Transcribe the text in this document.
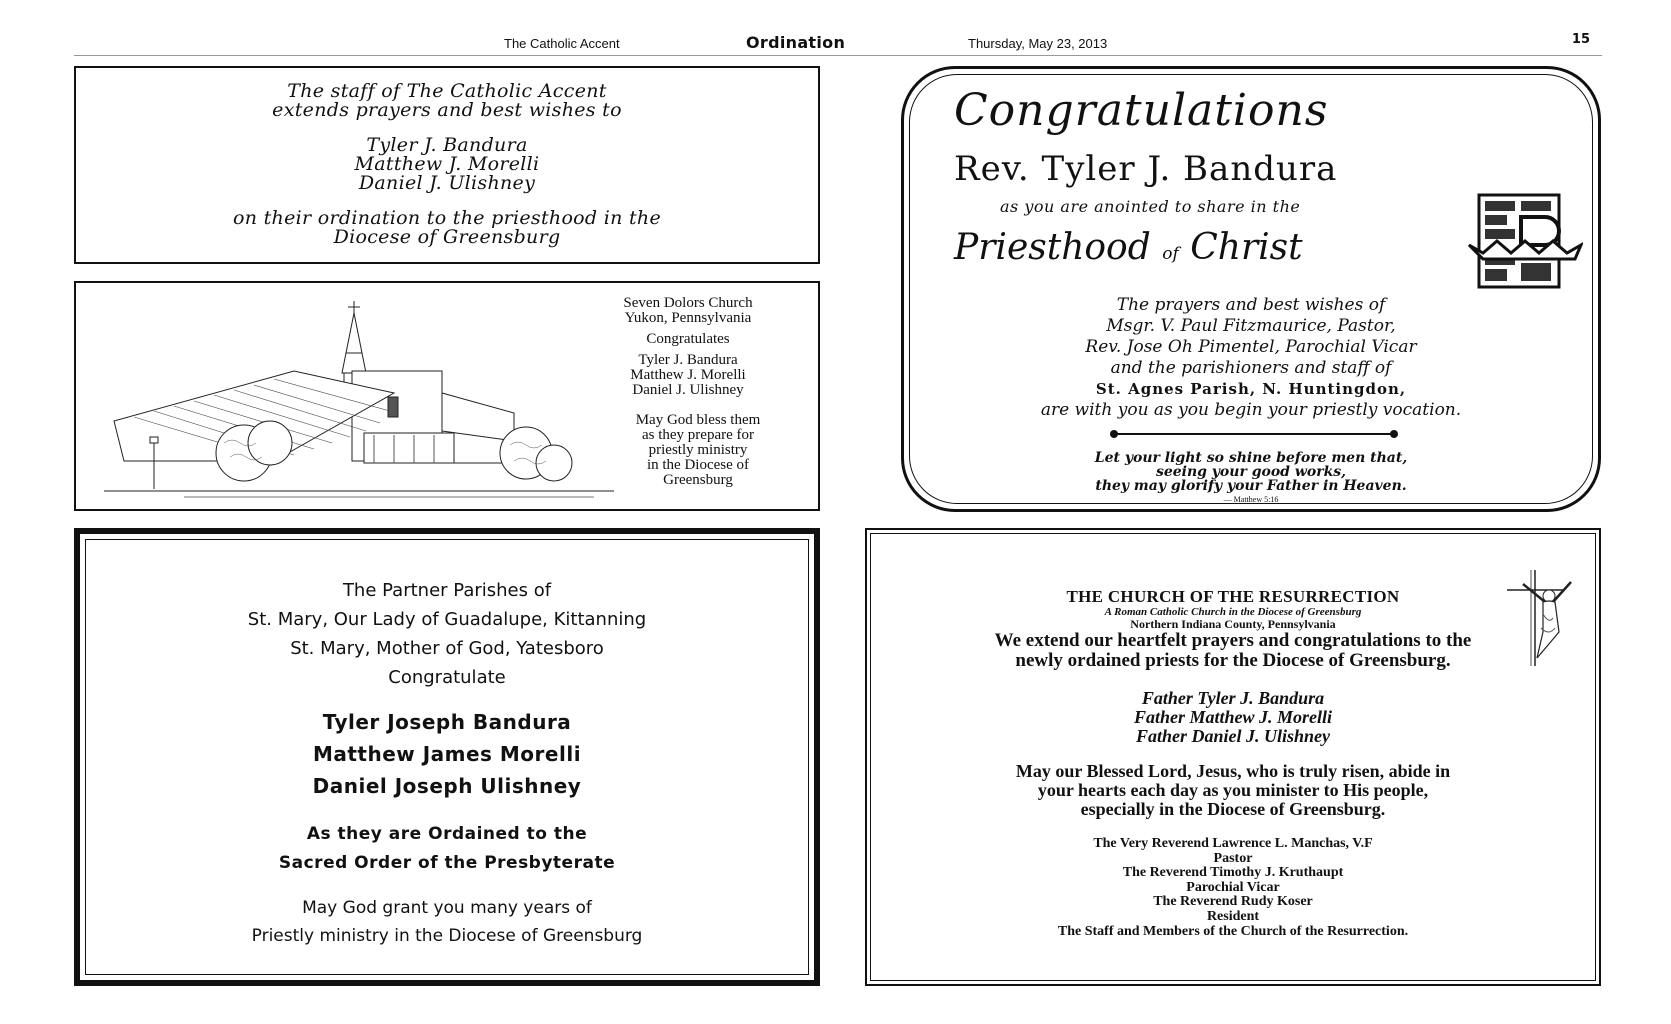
The Catholic Accent	Ordination	Thursday, May 23, 2013	15
The staff of The Catholic Accent
extends prayers and best wishes to
Tyler J. Bandura
Matthew J. Morelli
Daniel J. Ulishney
on their ordination to the priesthood in the
Diocese of Greensburg
Seven Dolors Church
Yukon, Pennsylvania
Congratulates
Tyler J. Bandura
Matthew J. Morelli
Daniel J. Ulishney
May God bless them
as they prepare for
priestly ministry
in the Diocese of
Greensburg
Congratulations
Rev. Tyler J. Bandura
as you are anointed to share in the
Priesthood of Christ
The prayers and best wishes of
Msgr. V. Paul Fitzmaurice, Pastor,
Rev. Jose Oh Pimentel, Parochial Vicar
and the parishioners and staff of
St. Agnes Parish, N. Huntingdon,
are with you as you begin your priestly vocation.
Let your light so shine before men that,
seeing your good works,
they may glorify your Father in Heaven.
— Matthew 5:16
The Partner Parishes of
St. Mary, Our Lady of Guadalupe, Kittanning
St. Mary, Mother of God, Yatesboro
Congratulate
Tyler Joseph Bandura
Matthew James Morelli
Daniel Joseph Ulishney
As they are Ordained to the
Sacred Order of the Presbyterate
May God grant you many years of
Priestly ministry in the Diocese of Greensburg
THE CHURCH OF THE RESURRECTION
A Roman Catholic Church in the Diocese of Greensburg
Northern Indiana County, Pennsylvania
We extend our heartfelt prayers and congratulations to the
newly ordained priests for the Diocese of Greensburg.
Father Tyler J. Bandura
Father Matthew J. Morelli
Father Daniel J. Ulishney
May our Blessed Lord, Jesus, who is truly risen, abide in
your hearts each day as you minister to His people,
especially in the Diocese of Greensburg.
The Very Reverend Lawrence L. Manchas, V.F
Pastor
The Reverend Timothy J. Kruthaupt
Parochial Vicar
The Reverend Rudy Koser
Resident
The Staff and Members of the Church of the Resurrection.
